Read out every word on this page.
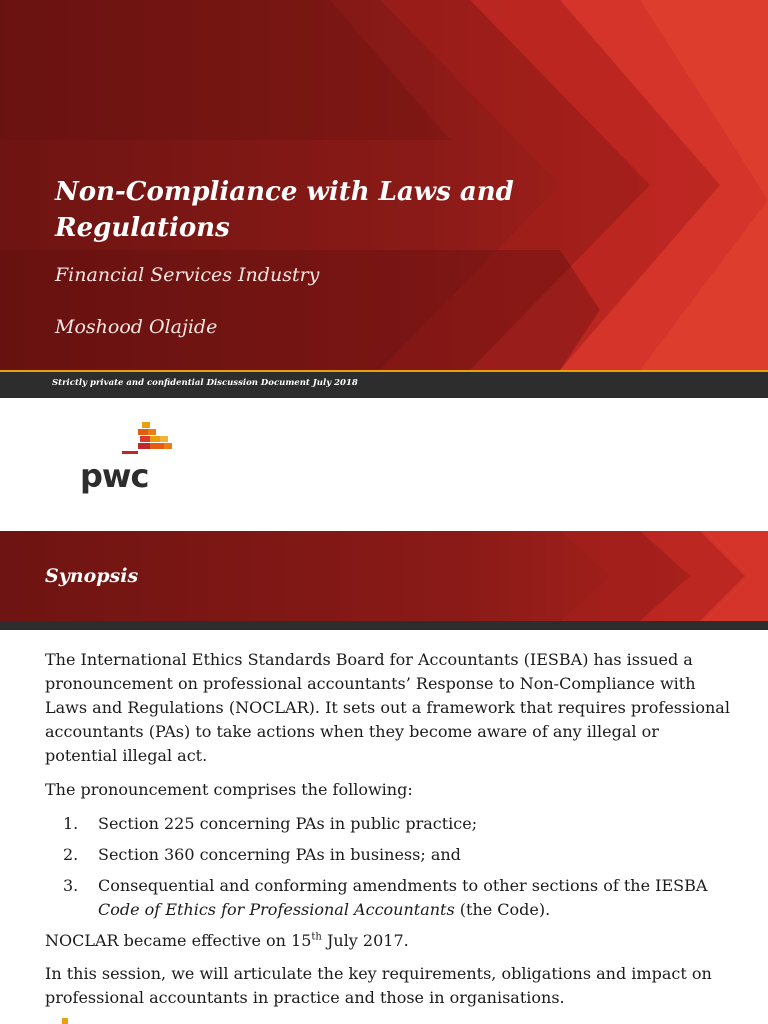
Non-Compliance with Laws and Regulations

Financial Services Industry

Moshood Olajide

Strictly private and confidential Discussion Document July 2018
pwc
Synopsis

The International Ethics Standards Board for Accountants (IESBA) has issued a pronouncement on professional accountants’ Response to Non-Compliance with Laws and Regulations (NOCLAR). It sets out a framework that requires professional accountants (PAs) to take actions when they become aware of any illegal or potential illegal act.

The pronouncement comprises the following:

1. Section 225 concerning PAs in public practice;
2. Section 360 concerning PAs in business; and
3. Consequential and conforming amendments to other sections of the IESBA Code of Ethics for Professional Accountants (the Code).

NOCLAR became effective on 15th July 2017.

In this session, we will articulate the key requirements, obligations and impact on professional accountants in practice and those in organisations.
